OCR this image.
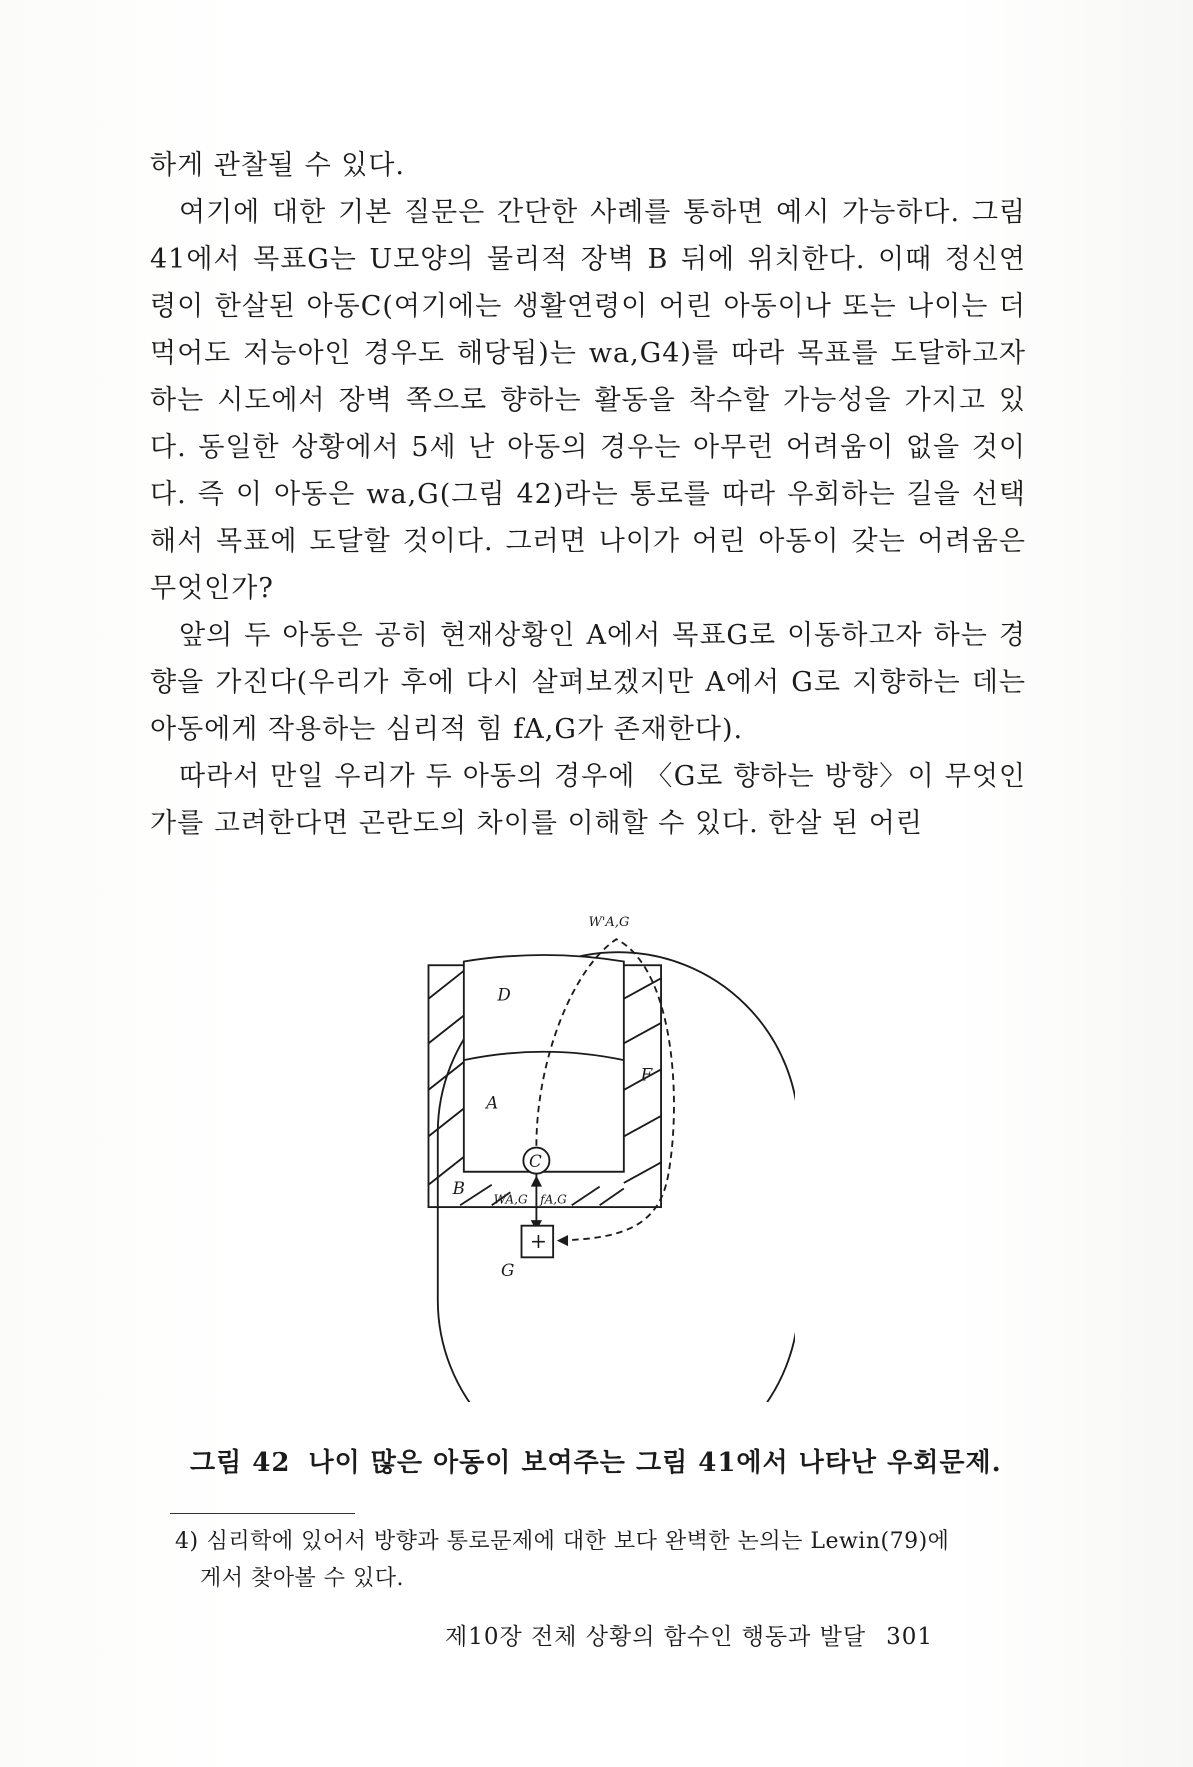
하게 관찰될 수 있다.

여기에 대한 기본 질문은 간단한 사례를 통하면 예시 가능하다. 그림41에서 목표G는 U모양의 물리적 장벽 B 뒤에 위치한다. 이때 정신연령이 한살된 아동C(여기에는 생활연령이 어린 아동이나 또는 나이는 더 먹어도 저능아인 경우도 해당됨)는 wa,G4)를 따라 목표를 도달하고자 하는 시도에서 장벽 쪽으로 향하는 활동을 착수할 가능성을 가지고 있다. 동일한 상황에서 5세 난 아동의 경우는 아무런 어려움이 없을 것이다. 즉 이 아동은 wa,G(그림 42)라는 통로를 따라 우회하는 길을 선택해서 목표에 도달할 것이다. 그러면 나이가 어린 아동이 갖는 어려움은 무엇인가?

앞의 두 아동은 공히 현재상황인 A에서 목표G로 이동하고자 하는 경향을 가진다(우리가 후에 다시 살펴보겠지만 A에서 G로 지향하는 데는 아동에게 작용하는 심리적 힘 fA,G가 존재한다).

따라서 만일 우리가 두 아동의 경우에 〈G로 향하는 방향〉이 무엇인가를 고려한다면 곤란도의 차이를 이해할 수 있다. 한살 된 어린

W'A,G
D
A
F
B
C
WA,G fA,G
+
G
그림 42 나이 많은 아동이 보여주는 그림 41에서 나타난 우회문제.
4) 심리학에 있어서 방향과 통로문제에 대한 보다 완벽한 논의는 Lewin(79)에
게서 찾아볼 수 있다.
제10장 전체 상황의 함수인 행동과 발달 301
